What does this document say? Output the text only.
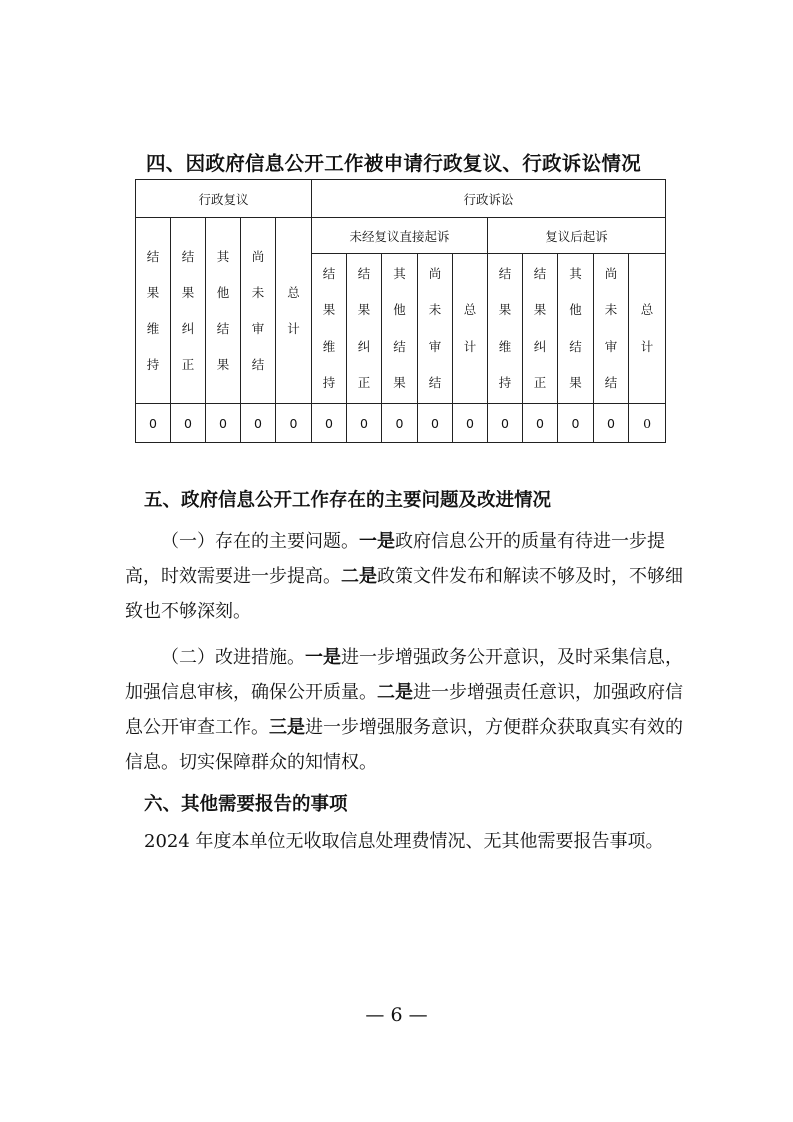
四、因政府信息公开工作被申请行政复议、行政诉讼情况
行政复议					行政诉讼									
结果维持	结果纠正	其他结果	尚未审结	总计	未经复议直接起诉					复议后起诉				
					结果维持	结果纠正	其他结果	尚未审结	总计	结果维持	结果纠正	其他结果	尚未审结	总计
0	0	0	0	0	0	0	0	0	0	0	0	0	0	0
五、政府信息公开工作存在的主要问题及改进情况
（一）存在的主要问题。一是政府信息公开的质量有待进一步提高，时效需要进一步提高。二是政策文件发布和解读不够及时，不够细致也不够深刻。
（二）改进措施。一是进一步增强政务公开意识，及时采集信息，加强信息审核，确保公开质量。二是进一步增强责任意识，加强政府信息公开审查工作。三是进一步增强服务意识，方便群众获取真实有效的信息。切实保障群众的知情权。
六、其他需要报告的事项
2024 年度本单位无收取信息处理费情况、无其他需要报告事项。
— 6 —
